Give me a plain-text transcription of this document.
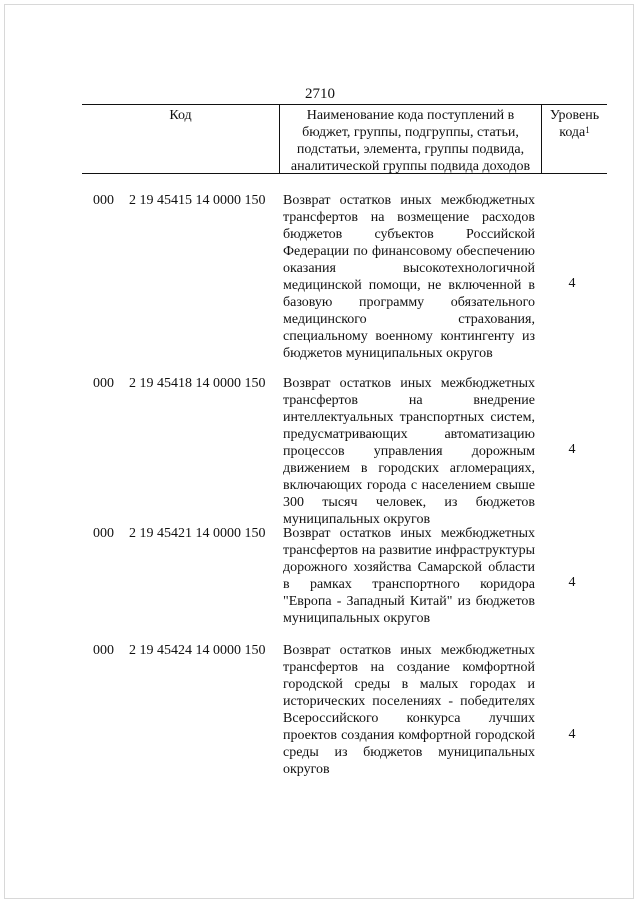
2710
Код	Наименование кода поступлений в бюджет, группы, подгруппы, статьи, подстатьи, элемента, группы подвида, аналитической группы подвида доходов
Уровень кода$^1$
000 2 19 45415 14 0000 150 Возврат остатков иных межбюджетных трансфертов на возмещение расходов бюджетов субъектов Российской Федерации по финансовому обеспечению оказания высокотехнологичной медицинской помощи, не включенной в базовую программу обязательного медицинского страхования, специальному военному контингенту из бюджетов муниципальных округов
4
000 2 19 45418 14 0000 150 Возврат остатков иных межбюджетных трансфертов на внедрение интеллектуальных транспортных систем, предусматривающих автоматизацию процессов управления дорожным движением в городских агломерациях, включающих города с населением свыше 300 тысяч человек, из бюджетов муниципальных округов
4
000 2 19 45421 14 0000 150 Возврат остатков иных межбюджетных трансфертов на развитие инфраструктуры дорожного хозяйства Самарской области в рамках транспортного коридора "Европа - Западный Китай" из бюджетов муниципальных округов
4
000 2 19 45424 14 0000 150 Возврат остатков иных межбюджетных трансфертов на создание комфортной городской среды в малых городах и исторических поселениях - победителях Всероссийского конкурса лучших проектов создания комфортной городской среды из бюджетов муниципальных округов
4
